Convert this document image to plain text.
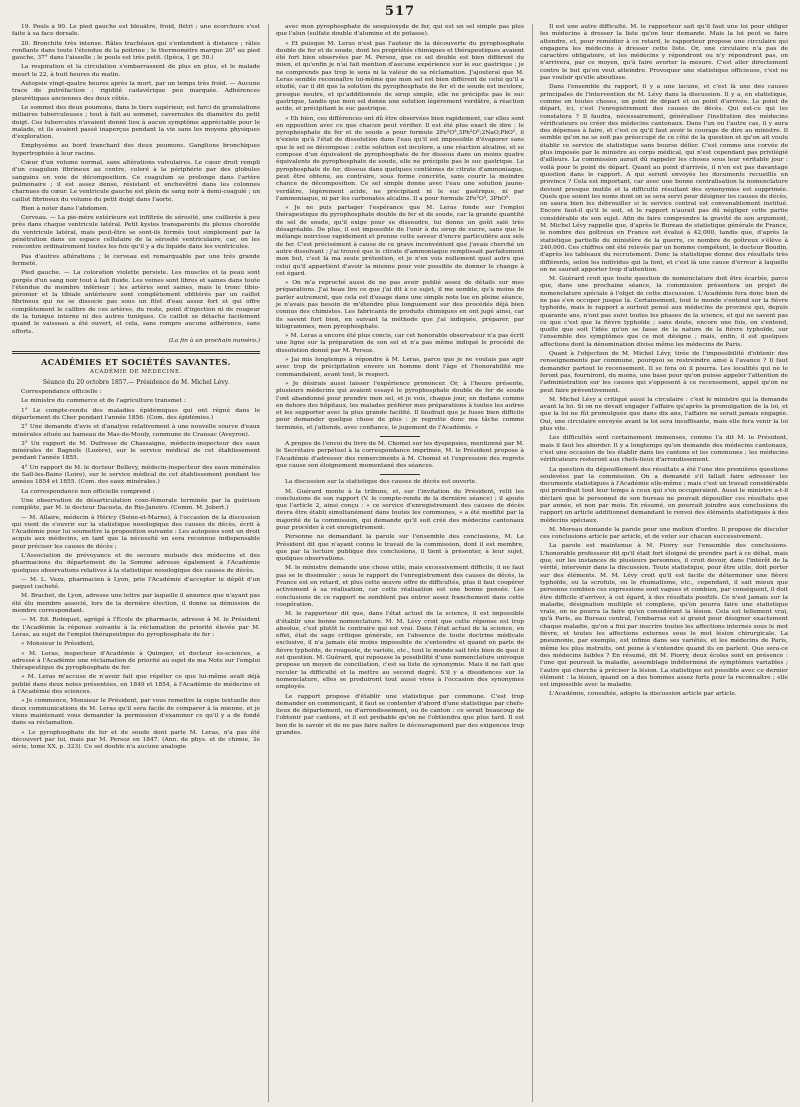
517

19. Pouls à 90. Le pied gauche est bleuâtre, froid, flétri ; une écorchure s'est faite à sa face dorsale.

20. Bronchite très intense. Râles trachéaux qui s'entendent à distance ; râles ronflants dans toute l'étendue de la poitrine ; le thermomètre marque 20° au pied gauche, 37° dans l'aisselle ; le pouls est très petit. (Ipéca, 1 gr. 50.)

La respiration et la circulation s'embarrassent de plus en plus, et le malade meurt le 22, à huit heures du matin.

Autopsie vingt-quatre heures après la mort, par un temps très froid. — Aucune trace de putréfaction ; rigidité cadavérique peu marquée. Adhérences pleurétiques anciennes des deux côtés.

Le sommet des deux poumons, dans le tiers supérieur, est farci de granulations miliaires tuberculeuses ; tout à fait au sommet, cavernules du diamètre du petit doigt. Ces tubercules n'avaient donné lieu à aucun symptôme appréciable pour le malade, et ils avaient passé inaperçus pendant la vie sans les moyens physiques d'exploration.

Emphysème au bord tranchant des deux poumons. Ganglions bronchiques hypertrophiés à leur racine.

Cœur d'un volume normal, sans altérations valvulaires. Le cœur droit rempli d'un coagulum fibrineux au centre, coloré à la périphérie par des globules sanguins en voie de décomposition. Ce coagulum se prolonge dans l'artère pulmonaire ; il est assez dense, résistant et enchevêtré dans les colonnes charnues du cœur. Le ventricule gauche est plein de sang noir à demi-coagulé ; un caillot fibrineux du volume du petit doigt dans l'aorte.

Rien à noter dans l'abdomen.

Cerveau. — La pie-mère extérieure est infiltrée de sérosité, une cuillerée à peu près dans chaque ventricule latéral. Petit kystes transparents du plexus choroïde du ventricule latéral, mais peut-être se sont-ils formés tout simplement par la pénétration dans un espace cellulaire de la sérosité ventriculaire, car, on les rencontre ordinairement toutes les fois qu'il y a du liquide dans les ventricules.

Pas d'autres altérations ; le cerveau est remarquable par une très grande fermeté.

Pied gauche. — La coloration violette persiste. Les muscles et la peau sont gorgés d'un sang noir tout à fait fluide. Les veines sont libres et saines dans toute l'étendue du membre inférieur ; les artères sont saines, mais le tronc tibio-péronier et la tibiale antérieure sont complètement oblitérés par un caillot fibrineux qui ne se dissocie pas sous un filet d'eau assez fort et qui offre complètement le calibre de ces artères, du reste, point d'injection ni de rougeur de la tunique interne ni des autres tuniques. Ce caillot se détache facilement quand le vaisseau a été ouvert, et cela, sans rompre aucune adhérence, sans efforts.

(La fin à un prochain numéro.)
ACADÉMIES ET SOCIÉTÉS SAVANTES.
ACADÉMIE DE MÉDECINE.
Séance du 20 octobre 1857.— Présidence de M. Michel Lévy.

Correspondance officielle :

Le ministre du commerce et de l'agriculture transmet :

1° Le compte-rendu des maladies épidémiques qui ont régné dans le département du Cher pendant l'année 1856. (Com. des épidémies.)

2° Une demande d'avis et d'analyse relativement à une nouvelle source d'eaux minérales située au hameau de Mas-de-Mouly, commune de Cransac (Aveyron).

3° Un rapport de M. Dufresse de Chassaigne, médecin-inspecteur des eaux minérales de Bagnols (Lozère), sur le service médical de cet établissement pendant l'année 1855.

4° Un rapport de M. le docteur Bellevy, médecin-inspecteur des eaux minérales de Saïl-les-Bains (Loire), sur le service médical de cet établissement pendant les années 1854 et 1855. (Com. des eaux minérales.)

La correspondance non officielle comprend :

Une observation de désarticulation coxo-fémorale terminée par la guérison complète, par M. le docteur Dacosta, de Rio-Janeiro. (Comm. M. Jobert.)

— M. Allaire, médecin à Héricy (Seine-et-Marne), à l'occasion de la discussion qui vient de s'ouvrir sur la statistique nosologique des causes de décès, écrit à l'Académie pour lui soumettre la proposition suivante : Les autopsies sont un droit acquis aux médecins, en tant que la nécessité en sera reconnue indispensable pour préciser les causes de décès ;

L'Association de prévoyance et de secours mutuels des médecins et des pharmaciens du département de la Somme adresse également à l'Académie quelques observations relatives à la statistique nosologique des causes de décès.

— M. L. Vezu, pharmacien à Lyon, prie l'Académie d'accepter le dépôt d'un paquet cacheté.

M. Brachet, de Lyon, adresse une lettre par laquelle il annonce que n'ayant pas été élu membre associé, lors de la dernière élection, il donne sa démission de membre correspondant.

— M. Ed. Robiquet, agrégé à l'École de pharmacie, adresse à M. le Président de l'Académie la réponse suivante à la réclamation de priorité élevée par M. Leras, au sujet de l'emploi thérapeutique du pyrophosphate de fer :

« Monsieur le Président,

» M. Leras, inspecteur d'Académie à Quimper, et docteur ès-sciences, a adressé à l'Académie une réclamation de priorité au sujet de ma Note sur l'emploi thérapeutique du pyrophosphate de fer.

» M. Leras m'accuse de n'avoir fait que répéter ce que lui-même avait déjà publié dans deux notes présentées, en 1849 et 1854, à l'Académie de médecine et à l'Académie des sciences.

» Je commence, Monsieur le Président, par vous remettre la copie textuelle des deux communications de M. Leras qu'il sera facile de comparer à la mienne, et je viens maintenant vous demander la permission d'examiner ce qu'il y a de fondé dans sa réclamation.

» Le pyrophosphate de fer et de soude dont parle M. Leras, n'a pas été découvert par lui, mais par M. Persoz en 1847. (Ann. de phys. et de chimie, 3e série, tome XX, p. 323). Ce sel double n'a aucune analogie

avec mon pyrophosphate de sesquioxyde de fer, qui est un sel simple pas plus que l'alun (sulfate double d'alumine et de potasse).

» Et puisque M. Leras n'est pas l'auteur de la découverte du pyrophosphate double de fer et de soude, dont les propriétés chimiques et thérapeutiques avaient été fort bien observées par M. Persoz, que ce sel double est bien différent du mien, et qu'enfin je n'ai fait mention d'aucune expérience sur le suc gastrique ; je ne comprends pas trop le sens ni la valeur de sa réclamation. J'ajouterai que M. Leras semble reconnaître lui-même que mon sel est bien différent de celui qu'il a étudié, car il dit que la solution du pyrophosphate de fer et de soude est incolore, presque neutre, et qu'additionnée de sirop simple, elle ne précipite pas le suc gastrique, tandis que mon sel donne une solution légèrement verdâtre, à réaction acide, et précipitant le suc gastrique.

» Eh bien, ces différences ont dû être observées bien rapidement, car elles sont en opposition avec ce que chacun peut vérifier. Il est été plus exact de dire : le pyrophosphate de fer et de soude a pour formule 2Fe²O³,3Ph²O⁵;2NaO,PhO⁵, il n'existe qu'à l'état de dissolution dans l'eau qu'il est impossible d'évaporer sans que le sel se décompose : cette solution est incolore, a une réaction alcaline, et se compose d'un équivalent de pyrophosphate de fer dissous dans un moins quatre équivalents de pyrophosphate de soude, elle ne précipite pas le suc gastrique. Le pyrophosphate de fer, dissous dans quelques centièmes de citrate d'ammoniaque, peut être obtenu, au contraire, sous forme concrète, sans courir la moindre chance de décomposition. Ce sel simple donne avec l'eau une solution jaune-verdâtre, légèrement acide, ne précipitant ni le suc gastrique, ni par l'ammoniaque, ni par les carbonates alcalins. Il a pour formule 2Fe²O³, 3PhO⁵.

» Je ne puis partager l'espérance que M. Leras fonde sur l'emploi thérapeutique du pyrophosphate double de fer et de soude, car la grande quantité de sel de soude, qu'il exige pour se dissoudre, lui donne un goût salé très désagréable. De plus, il est impossible de l'unir à du sirop de sucre, sans que le mélange noircisse rapidement et prenne cette saveur d'encre particulière aux sels de fer. C'est précisément à cause de ce grave inconvénient que j'avais cherché un autre dissolvant ; j'ai trouvé que le citrate d'ammoniaque remplissait parfaitement mon but, c'est là ma seule prétention, et je n'en vois nullement quel autre que celui qu'il appartient d'avoir la mienne pour voir possible de donner le change à cet égard.

» On m'a reproché aussi de ne pas avoir publié assez de détails sur mes préparations. J'ai beau lire ce que j'ai dit à ce sujet, il me semble, qu'à moins de parler autrement, que cela est d'usage dans une simple note lue en pleine séance, je n'avais pas besoin de m'étendre plus longuement sur des procédés déjà bien connus des chimistes. Les fabricants de produits chimiques en ont jugé ainsi, car ils savent fort bien, en suivant la méthode que j'ai indiquée, préparer, par kilogrammes, mon pyrophosphate.

» M. Leras a encore été plus concis, car cet honorable observateur n'a pas écrit une ligne sur la préparation de son sel et n'a pas même indiqué le procédé de dissolution donné par M. Persoz.

» Jai mis longtemps à répondre à M. Leras, parce que je ne voulais pas agir avec trop de précipitation envers un homme dont l'âge et l'honorabilité me commandaient, avant tout, le respect.

» Je désirais aussi laisser l'expérience prononcer. Or, à l'heure présente, plusieurs médecins qui avaient essayé le pyrophosphate double de fer de soude l'ont abandonné pour prendre mon sel, et je vois, chaque jour, en dedans comme en dehors des hôpitaux, les malades préférer mes préparations à toutes les autres et les supporter avec la plus grande facilité. Il faudrait que je fusse bien difficile pour demander quelque chose de plus : je regrette donc ma tâche comme terminée, et j'attends, avec confiance, le jugement de l'Académie. »

A propos de l'envoi du livre de M. Chomel sur les dyspepsies, mentionné par M. le Secrétaire perpétuel à la correspondance imprimée, M. le Président propose à l'Académie d'adresser des remerciments à M. Chomel et l'expression des regrets que cause son éloignement momentané des séances.

La discussion sur la statistique des causes de décès est ouverte.

M. Guérard monte à la tribune, et, sur l'invitation du Président, relit les conclusions de son rapport (V. le compte-rendu de la dernière séance) ; il ajoute que l'article 2, ainsi conçu : « ce service d'enregistrement des causes de décès devra être établi simultanément dans toutes les communes, » a été modifié par la majorité de la commission, qui demande qu'il soit créé des médecins cantonaux pour procéder à cet enregistrement.

Personne ne demandant la parole sur l'ensemble des conclusions, M. Le Président dit que n'ayant connu le travail de la commission, dont il est membre, que par la lecture publique des conclusions, il tient à présenter, à leur sujet, quelques observations.

M. le ministre demande une chose utile, mais excessivement difficile, il ne faut pas se le dissimuler ; sous le rapport de l'enregistrement des causes de décès, la France est en retard, et plus cette œuvre offre de difficultés, plus il faut coopérer activement à sa réalisation, car cette réalisation est une bonne pensée. Les conclusions de ce rapport ne semblent pas entrer assez franchement dans cette coopération.

M. le rapporteur dit que, dans l'état actuel de la science, il est impossible d'établir une bonne nomenclature. M. M. Lévy croit que cette réponse est trop absolue, c'est plutôt le contraire qui est vrai. Dans l'état actuel de la science, en effet, état de sage critique générale, en l'absence de toute doctrine médicale exclusive, il n'a jamais été moins impossible de s'entendre et quand on parle de fièvre typhoïde, de rougeole, de variole, etc., tout le monde sait très bien de quoi il est question. M. Guérard, qui repousse la possibilité d'une nomenclature univoque propose un moyen de conciliation, c'est sa liste de synonymie. Mais il ne fait que reculer la difficulté et la mettre au second degré. S'il y a dissidences sur la nomenclature, elles se produiront tout aussi vives à l'occasion des synonymes employés.

Le rapport propose d'établir une statistique par commune. C'est trop demander en commençant, il faut se contenter d'abord d'une statistique par chefs-lieux de département, ou d'arrondissement, ou de canton : ce serait beaucoup de l'obtenir par cantons, et il est probable qu'on ne l'obtiendra que plus tard. Il est bon de le savoir et de ne pas faire naître le découragement par des exigences trop grandes.

Il est une autre difficulté. M. le rapporteur sait qu'il faut une loi pour obliger les médecins à dresser la liste qu'on leur demande. Mais la loi peut se faire attendre, et, pour remédier à ce retard, le rapporteur propose une circulaire qui engagera les médecins à dresser cette liste. Or, une circulaire n'a pas de caractère obligatoire, et les médecins y répondront ou n'y répondront pas, on n'arrivera, par ce moyen, qu'à faire avorter la mesure. C'est aller directement contre le but qu'on veut atteindre. Provoquer une statistique officieuse, c'est ne pas vouloir qu'elle aboutisse.

Dans l'ensemble du rapport, il y a une lacune, et c'est là une des causes principales de l'intervention de M. Lévy dans la discussion. Il y a, en statistique, comme en toutes choses, un point de départ et un point d'arrivée. Le point de départ, ici, c'est l'enregistrement des causes de décès. Qui est-ce qui les constatera ? Il faudra, nécessairement, généraliser l'institution des médecins vérificateurs ou créer des médecins cantonaux. Dans l'un ou l'autre cas, il y aura des dépenses à faire, et c'est ce qu'il faut avoir le courage de dire au ministre. Il semble qu'on ne se soit pas préoccupé de ce côté de la question et qu'on ait voulu établir ce service de statistique sans bourse délier. C'est comme une corvée de plus imposée par le ministre au corps médical, qui n'est cependant pas privilégié d'ailleurs. La commission aurait dû rappeler les choses sous leur véritable jour : voilà pour le point de départ. Quant au point d'arrivée, il n'en est pas davantage question dans le rapport. A qui seront envoyés les documents recueillis en province ? Cela est important, car avec une bonne centralisation la nomenclature devient presque inutile et la difficulté résultant des synonymies est supprimée. Quels que soient les noms dont on se sera servi pour désigner les causes de décès, on saura bien les débrouiller si le service central est convenablement institué. Encore faut-il qu'il le soit, et le rapport n'aurait pas dû négliger cette partie considérable de son sujet. Afin de faire comprendre la gravité de son argument, M. Michel Lévy rappelle que, d'après le Bureau de statistique générale de France, le nombre des goîtreux en France est évalué à 42,000, tandis que, d'après la statistique partielle du ministère de la guerre, ce nombre de goîtreux s'élève à 240,000. Ces chiffres ont été relevés par un homme compétent, le docteur Boudin, d'après les tableaux du recrutement. Donc la statistique donne des résultats très différents, selon les individus qui la font, et c'est là une cause d'erreur à laquelle on ne saurait apporter trop d'attention.

M. Guérard croit que toute question de nomenclature doit être écartée, parce que, dans une prochaine séance, la commission présentera un projet de nomenclature spéciale à l'objet de cette discussion. L'Académie fera donc bien de ne pas s'en occuper jusque là. Certainement, tout le monde s'entend sur la fièvre typhoïde, mais le rapport a surtout pensé aux médecins de province qui, depuis quarante ans, n'ont pas suivi toutes les phases de la science, et qui ne savent pas ce que c'est que la fièvre typhoïde ; sans doute, encore une fois, on s'entend, quelle que soit l'idée qu'on se fasse de la nature de la fièvre typhoïde, sur l'ensemble des symptômes que ce mot désigne ; mais, enfin, il est quelques affections dont la dénomination divise même les médecins de Paris.

Quant à l'objection de M. Michel Lévy, tirée de l'impossibilité d'obtenir des renseignements par commune, pourquoi se restreindre ainsi à l'avance ? Il faut demander partout le recensement. Il se fera où il pourra. Les localités qui ne le feront pas, fourniront, du moins, une base pour qu'on puisse appeler l'attention de l'administration sur les causes qui s'opposent à ce recensement, appel qu'on ne peut faire préventivement.

M. Michel Lévy a critiqué aussi la circulaire : c'est le ministre qui la demande avant la loi. Si on ne devait engager l'affaire qu'après la promulgation de la loi, et que la loi ne fût promulguée que dans dix ans, l'affaire ne serait jamais engagée. Oui, une circulaire envoyée avant la loi sera insuffisante, mais elle fera venir la loi plus vite.

Les difficultés sont certainement immenses, comme l'a dit M. le Président, mais il faut les aborder. Il y a longtemps qu'on demande des médecins cantonaux, c'est une occasion de les établir dans les cantons et les communes ; les médecins vérificateurs resteront aux chefs-lieux d'arrondissement.

La question du dépouillement des résultats a été l'une des premières questions soulevées par la commission. On a demandé s'il fallait faire adresser les documents statistiques à l'Académie elle-même ; mais c'est un travail considérable qui prendrait tout leur temps à ceux qui s'en occuperaient. Aussi le ministre a-t-il déclaré que le personnel de son bureau ne pouvait dépouiller ces résultats que par année, et non par mois. En résumé, on pourrait joindre aux conclusions du rapport un article additionnel demandant le renvoi des éléments statistiques à des médecins spéciaux.

M. Moreau demande la parole pour une motion d'ordre. Il propose de discuter ces conclusions article par article, et de voter sur chacun successivement.

La parole est maintenue à M. Piorry sur l'ensemble des conclusions. L'honorable professeur dit qu'il était fort éloigné de prendre part à ce débat, mais que, sur les instances de plusieurs personnes, il croit devoir, dans l'intérêt de la vérité, intervenir dans la discussion. Toute statistique, pour être utile, doit porter sur des éléments. M. M. Lévy croit qu'il est facile de déterminer une fièvre typhoïde, ou la scrofule, ou le rhumatisme, etc., cependant, il sait mieux que personne combien ces expressions sont vagues et combien, par conséquent, il doit être difficile d'arriver, à cet égard, à des résultats positifs. Ce n'est jamais sur la maladie, désignation multiple et complexe, qu'on pourra faire une statistique vraie, on ne pourra la faire qu'en considérant la lésion. Cela est tellement vrai, qu'à Paris, au Bureau central, l'embarras est si grand pour désigner exactement chaque maladie, qu'on a fini par inscrire toutes les affections internes sous le mot fièvre, et toutes les affections externes sous le mot lésion chirurgicale. La pneumonie, par exemple, est infinie dans ses variétés, et les médecins de Paris, même les plus instruits, ont peine à s'entendre quand ils en parlent. Que sera-ce des médecins faibles ? En résumé, dit M. Piorry, deux écoles sont en présence : l'une qui poursuit la maladie, assemblage indéterminé de symptômes variables ; l'autre qui cherche à préciser la lésion. La statistique est possible avec ce dernier élément : la lésion, quand on a des hommes assez forts pour la reconnaître ; elle est impossible avec la maladie.

L'Académie, consultée, adopte la discussion article par article.
